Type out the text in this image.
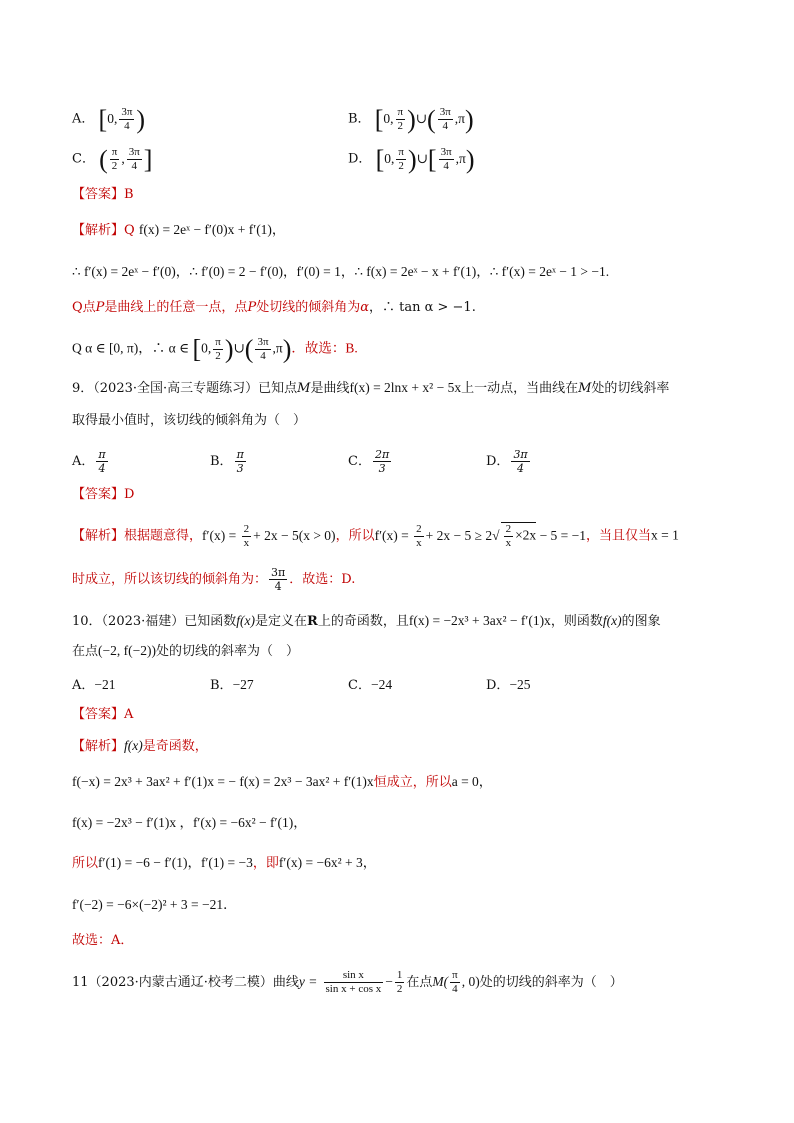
A． [0, $\frac{3\pi}{4}$ )	B． [0, $\frac{\pi}{2}$ )∪( $\frac{3\pi}{4} ,\pi$)
C． ( $\frac{\pi}{2}$ , $\frac{3\pi}{4}$ ]	D． [0, $\frac{\pi}{2}$ )∪[ $\frac{3\pi}{4} ,\pi$)
【答案】B
【解析】Q f(x) = 2eˣ − f′(0)x + f′(1)，
∴ f′(x) = 2eˣ − f′(0)，∴ f′(0) = 2 − f′(0)，f′(0) = 1，∴ f(x) = 2eˣ − x + f′(1)，∴ f′(x) = 2eˣ − 1 > −1.
Q点P是曲线上的任意一点，点P处切线的倾斜角为α，∴ tan α > −1.
Q α ∈ [0, π)，∴ α ∈ [0, $\frac{\pi}{2}$ )∪( $\frac{3\pi}{4} ,\pi$)．故选：B.
9．（2023·全国·高三专题练习）已知点M是曲线f(x) = 2lnx + x² − 5x上一动点，当曲线在M处的切线斜率
取得最小值时，该切线的倾斜角为（　）
A． $\frac{\pi}{4}$	B． $\frac{\pi}{3}$	C． $\frac{2\pi}{3}$	D． $\frac{3\pi}{4}$
【答案】D
【解析】根据题意得，$f'(x) = \frac{2}{x} + 2x - 5(x > 0)$，所以$f'(x) = \frac{2}{x} + 2x - 5 \ge 2√ \frac{2}{x} \times 2x - 5 = -1$，当且仅当x = 1
时成立，所以该切线的倾斜角为： $\frac{3\pi}{4}$ ．故选：D.
10．（2023·福建）已知函数f(x)是定义在R上的奇函数，且f(x) = −2x³ + 3ax² − f′(1)x，则函数f(x)的图象
在点(−2, f(−2))处的切线的斜率为（　）
A．−21	B．−27	C．−24	D．−25
【答案】A
【解析】f(x)是奇函数，
f(−x) = 2x³ + 3ax² + f′(1)x = − f(x) = 2x³ − 3ax² + f′(1)x恒成立，所以a = 0，
f(x) = −2x³ − f′(1)x ，f′(x) = −6x² − f′(1)，
所以f′(1) = −6 − f′(1)，f′(1) = −3，即f′(x) = −6x² + 3，
f′(−2) = −6×(−2)² + 3 = −21．
故选：A．
11（2023·内蒙古通辽·校考二模）曲线$y = \frac{\text{sin x}}{\text{sin x + cos x}} - \frac{1}{2}$ 在点$M( \frac{\pi}{4}$ , 0)处的切线的斜率为（　）
